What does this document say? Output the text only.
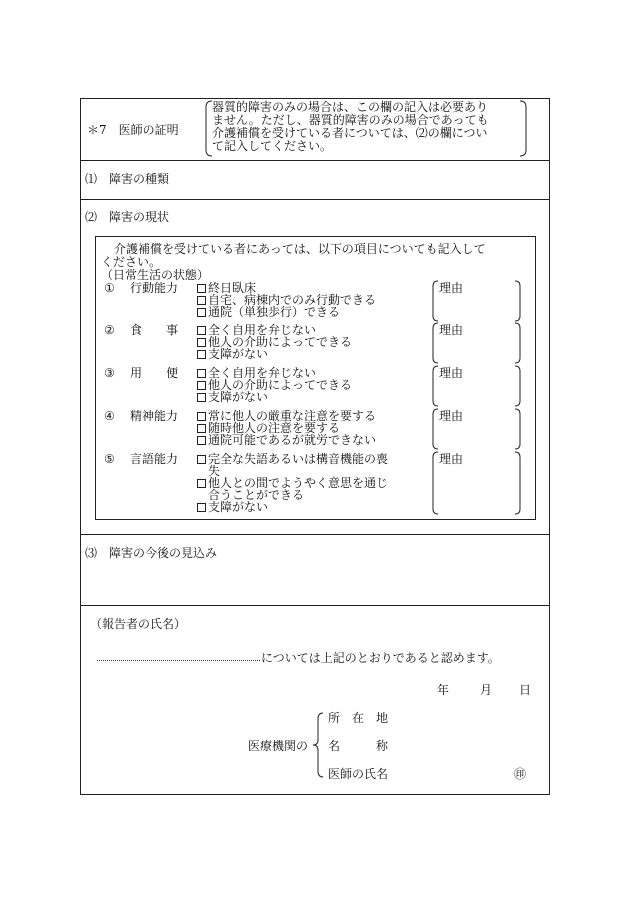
＊7　医師の証明
器質的障害のみの場合は、この欄の記入は必要あり
ません。ただし、器質的障害のみの場合であっても
介護補償を受けている者については、⑵の欄につい
て記入してください。
⑴　障害の種類
⑵　障害の現状
介護補償を受けている者にあっては、以下の項目についても記入して
ください。
（日常生活の状態）
① 行動能力	終日臥床
自宅、病棟内でのみ行動できる
通院（単独歩行）できる
理由
② 食　　事	全く自用を弁じない
他人の介助によってできる
支障がない
理由
③ 用　　便	全く自用を弁じない
他人の介助によってできる
支障がない
理由
④ 精神能力	常に他人の厳重な注意を要する
随時他人の注意を要する
通院可能であるが就労できない
理由
⑤ 言語能力	完全な失語あるいは構音機能の喪
失
他人との間でようやく意思を通じ
合うことができる
支障がない
理由
⑶　障害の今後の見込み
（報告者の氏名）
については上記のとおりであると認めます。
年	月 日
医療機関の
所　在　地
名　　　称
医師の氏名	㊞
